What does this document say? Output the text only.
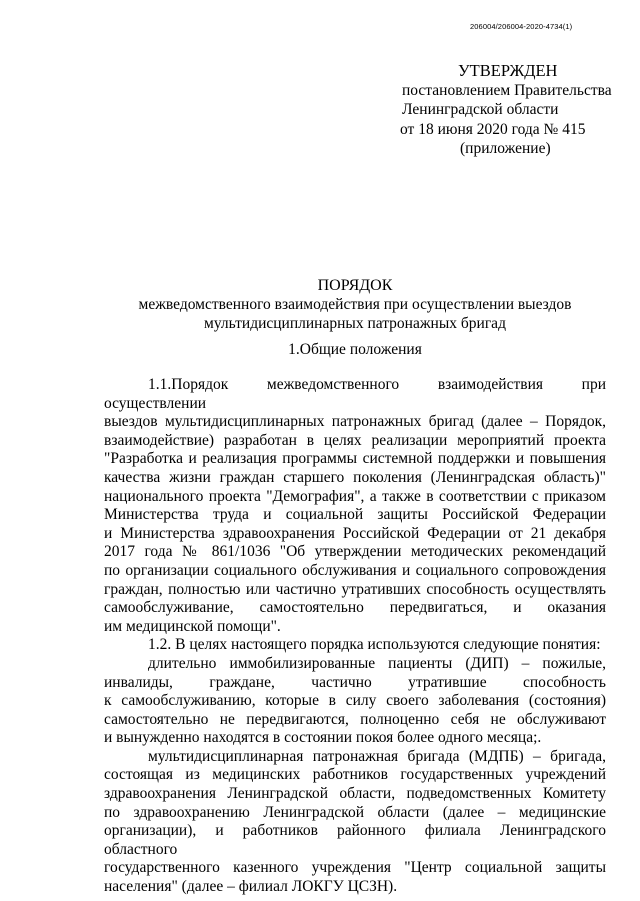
206004/206004-2020-4734(1)
УТВЕРЖДЕН
постановлением Правительства
Ленинградской области
от 18 июня 2020 года № 415
(приложение)
ПОРЯДОК
межведомственного взаимодействия при осуществлении выездов
мультидисциплинарных патронажных бригад
1.Общие положения

1.1.Порядок межведомственного взаимодействия при осуществлении

выездов мультидисциплинарных патронажных бригад (далее – Порядок,

взаимодействие) разработан в целях реализации мероприятий проекта

"Разработка и реализация программы системной поддержки и повышения

качества жизни граждан старшего поколения (Ленинградская область)"

национального проекта "Демография", а также в соответствии с приказом

Министерства труда и социальной защиты Российской Федерации

и Министерства здравоохранения Российской Федерации от 21 декабря

2017 года № 861/1036 "Об утверждении методических рекомендаций

по организации социального обслуживания и социального сопровождения

граждан, полностью или частично утративших способность осуществлять

самообслуживание, самостоятельно передвигаться, и оказания

им медицинской помощи".

1.2. В целях настоящего порядка используются следующие понятия:

длительно иммобилизированные пациенты (ДИП) – пожилые,

инвалиды, граждане, частично утратившие способность

к самообслуживанию, которые в силу своего заболевания (состояния)

самостоятельно не передвигаются, полноценно себя не обслуживают

и вынужденно находятся в состоянии покоя более одного месяца;.

мультидисциплинарная патронажная бригада (МДПБ) – бригада,

состоящая из медицинских работников государственных учреждений

здравоохранения Ленинградской области, подведомственных Комитету

по здравоохранению Ленинградской области (далее – медицинские

организации), и работников районного филиала Ленинградского областного

государственного казенного учреждения "Центр социальной защиты

населения" (далее – филиал ЛОКГУ ЦСЗН).
